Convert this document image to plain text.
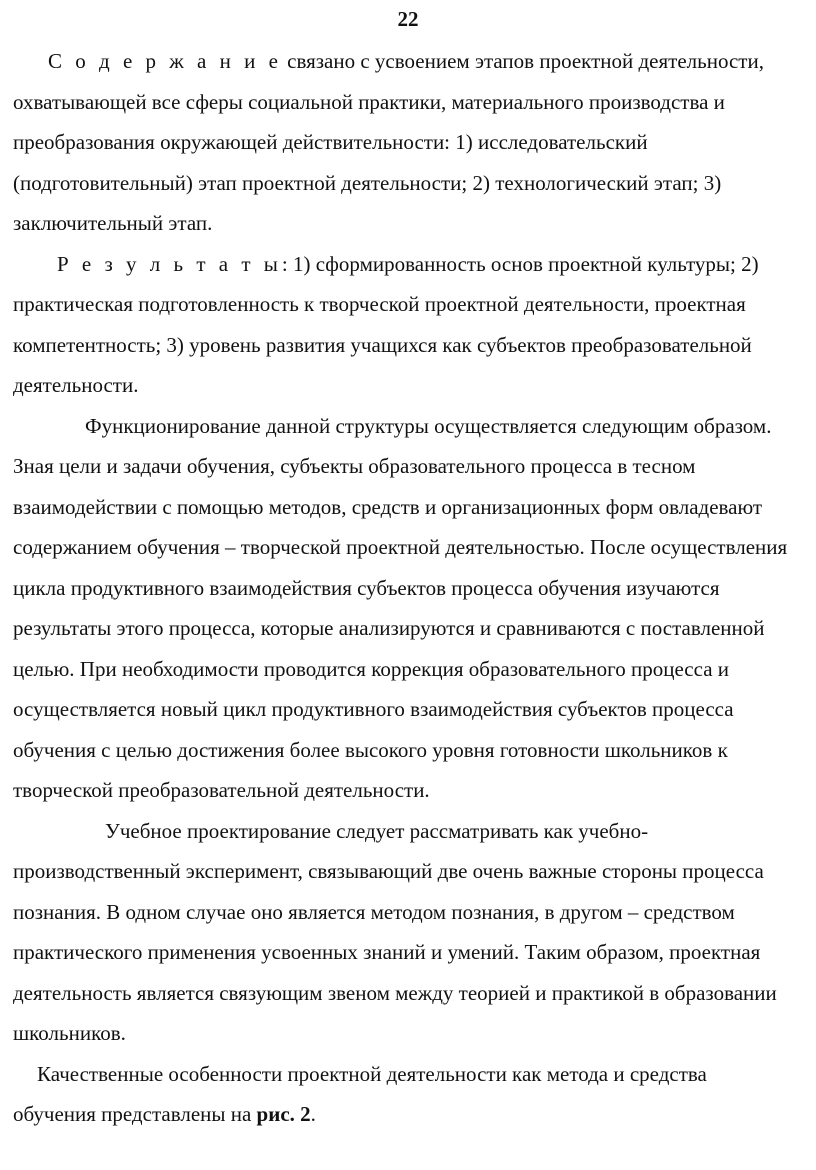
22

С о д е р ж а н и е связано с усвоением этапов проектной деятельности, охватывающей все сферы социальной практики, материального производства и преобразования окружающей действительности: 1) исследовательский (подготовительный) этап проектной деятельности; 2) технологический этап; 3) заключительный этап.

Р е з у л ь т а т ы: 1) сформированность основ проектной культуры; 2) практическая подготовленность к творческой проектной деятельности, проектная компетентность; 3) уровень развития учащихся как субъектов преобразовательной деятельности.

Функционирование данной структуры осуществляется следующим образом. Зная цели и задачи обучения, субъекты образовательного процесса в тесном взаимодействии с помощью методов, средств и организационных форм овладевают содержанием обучения – творческой проектной деятельностью. После осуществления цикла продуктивного взаимодействия субъектов процесса обучения изучаются результаты этого процесса, которые анализируются и сравниваются с поставленной целью. При необходимости проводится коррекция образовательного процесса и осуществляется новый цикл продуктивного взаимодействия субъектов процесса обучения с целью достижения более высокого уровня готовности школьников к творческой преобразовательной деятельности.

Учебное проектирование следует рассматривать как учебно-производственный эксперимент, связывающий две очень важные стороны процесса познания. В одном случае оно является методом познания, в другом – средством практического применения усвоенных знаний и умений. Таким образом, проектная деятельность является связующим звеном между теорией и практикой в образовании школьников.

Качественные особенности проектной деятельности как метода и средства обучения представлены на рис. 2.
